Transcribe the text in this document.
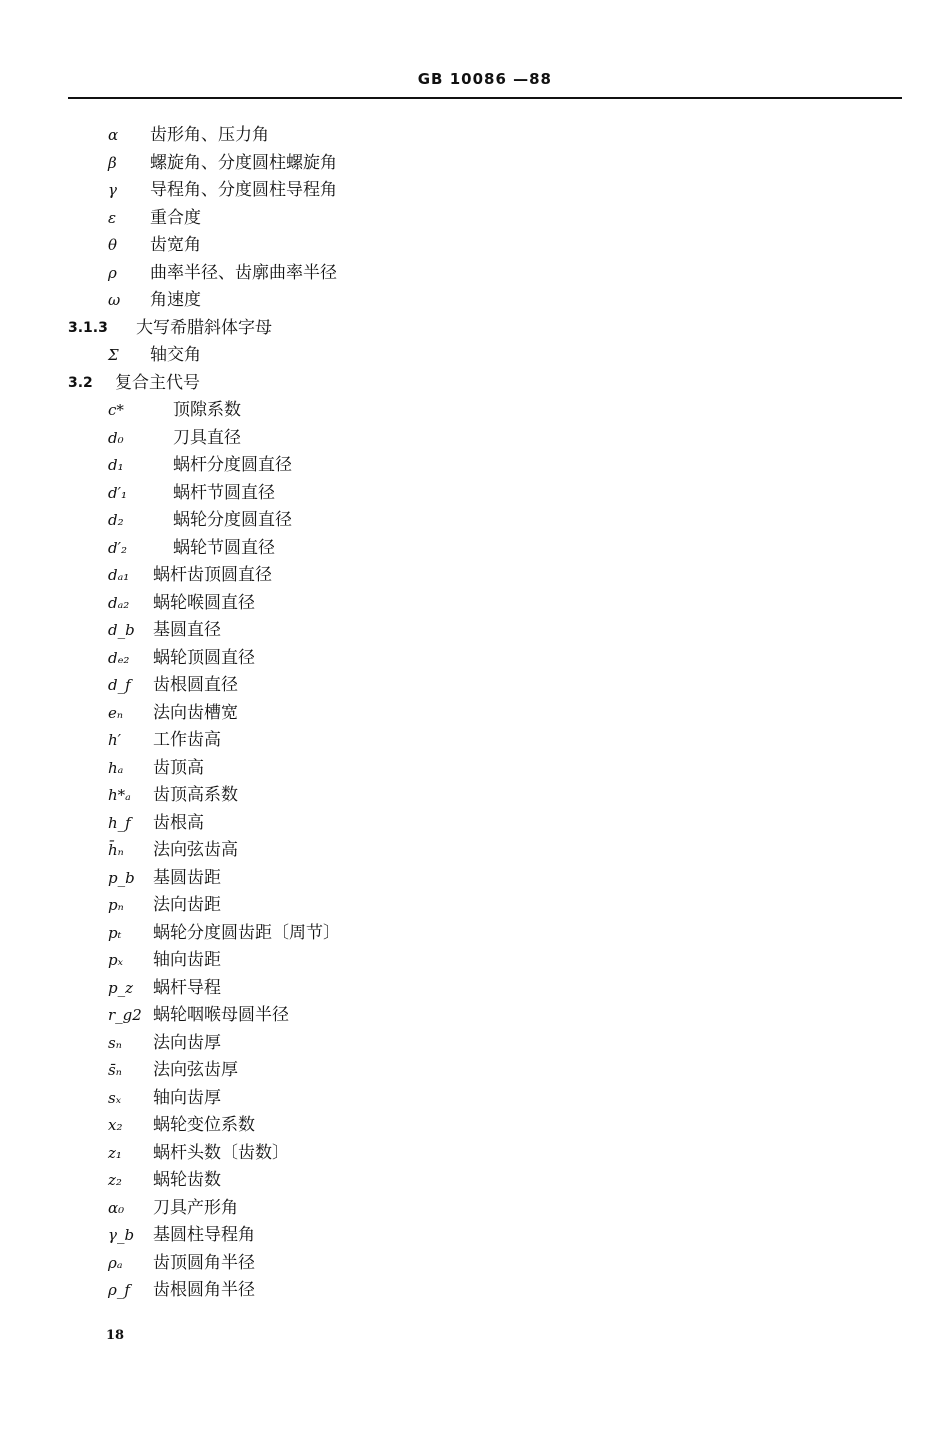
GB 10086 —88
α 齿形角、压力角
β 螺旋角、分度圆柱螺旋角
γ 导程角、分度圆柱导程角
ε 重合度
θ 齿宽角
ρ 曲率半径、齿廓曲率半径
ω 角速度
3.1.3 大写希腊斜体字母
Σ 轴交角
3.2 复合主代号
c*	顶隙系数
d₀	刀具直径
d₁	蜗杆分度圆直径
d′₁	蜗杆节圆直径
d₂	蜗轮分度圆直径
d′₂	蜗轮节圆直径
dₐ₁ 蜗杆齿顶圆直径
dₐ₂ 蜗轮喉圆直径
d_b 基圆直径
dₑ₂ 蜗轮顶圆直径
d_f 齿根圆直径
eₙ 法向齿槽宽
h′ 工作齿高
hₐ 齿顶高
h*ₐ 齿顶高系数
h_f 齿根高
h̄ₙ 法向弦齿高
p_b 基圆齿距
pₙ 法向齿距
pₜ 蜗轮分度圆齿距〔周节〕
pₓ 轴向齿距
p_z 蜗杆导程
r_g2 蜗轮咽喉母圆半径
sₙ 法向齿厚
s̄ₙ 法向弦齿厚
sₓ 轴向齿厚
x₂ 蜗轮变位系数
z₁ 蜗杆头数〔齿数〕
z₂ 蜗轮齿数
α₀ 刀具产形角
γ_b 基圆柱导程角
ρₐ 齿顶圆角半径
ρ_f 齿根圆角半径

18
